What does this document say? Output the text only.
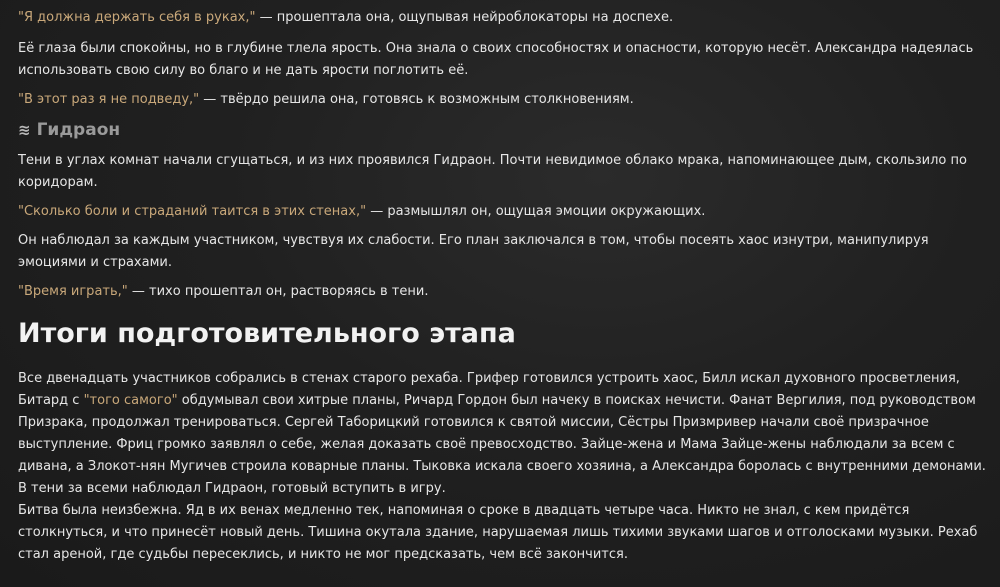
"Я должна держать себя в руках," — прошептала она, ощупывая нейроблокаторы на доспехе.

Её глаза были спокойны, но в глубине тлела ярость. Она знала о своих способностях и опасности, которую несёт. Александра надеялась использовать свою силу во благо и не дать ярости поглотить её.

"В этот раз я не подведу," — твёрдо решила она, готовясь к возможным столкновениям.

≋ Гидраон

Тени в углах комнат начали сгущаться, и из них проявился Гидраон. Почти невидимое облако мрака, напоминающее дым, скользило по коридорам.

"Сколько боли и страданий таится в этих стенах," — размышлял он, ощущая эмоции окружающих.

Он наблюдал за каждым участником, чувствуя их слабости. Его план заключался в том, чтобы посеять хаос изнутри, манипулируя эмоциями и страхами.

"Время играть," — тихо прошептал он, растворяясь в тени.

Итоги подготовительного этапа

Все двенадцать участников собрались в стенах старого рехаба. Грифер готовился устроить хаос, Билл искал духовного просветления, Битард с "того самого" обдумывал свои хитрые планы, Ричард Гордон был начеку в поисках нечисти. Фанат Вергилия, под руководством Призрака, продолжал тренироваться. Сергей Таборицкий готовился к святой миссии, Сёстры Призмривер начали своё призрачное выступление. Фриц громко заявлял о себе, желая доказать своё превосходство. Зайце-жена и Мама Зайце-жены наблюдали за всем с дивана, а Злокот-нян Мугичев строила коварные планы. Тыковка искала своего хозяина, а Александра боролась с внутренними демонами. В тени за всеми наблюдал Гидраон, готовый вступить в игру.

Битва была неизбежна. Яд в их венах медленно тек, напоминая о сроке в двадцать четыре часа. Никто не знал, с кем придётся столкнуться, и что принесёт новый день. Тишина окутала здание, нарушаемая лишь тихими звуками шагов и отголосками музыки. Рехаб стал ареной, где судьбы пересеклись, и никто не мог предсказать, чем всё закончится.
